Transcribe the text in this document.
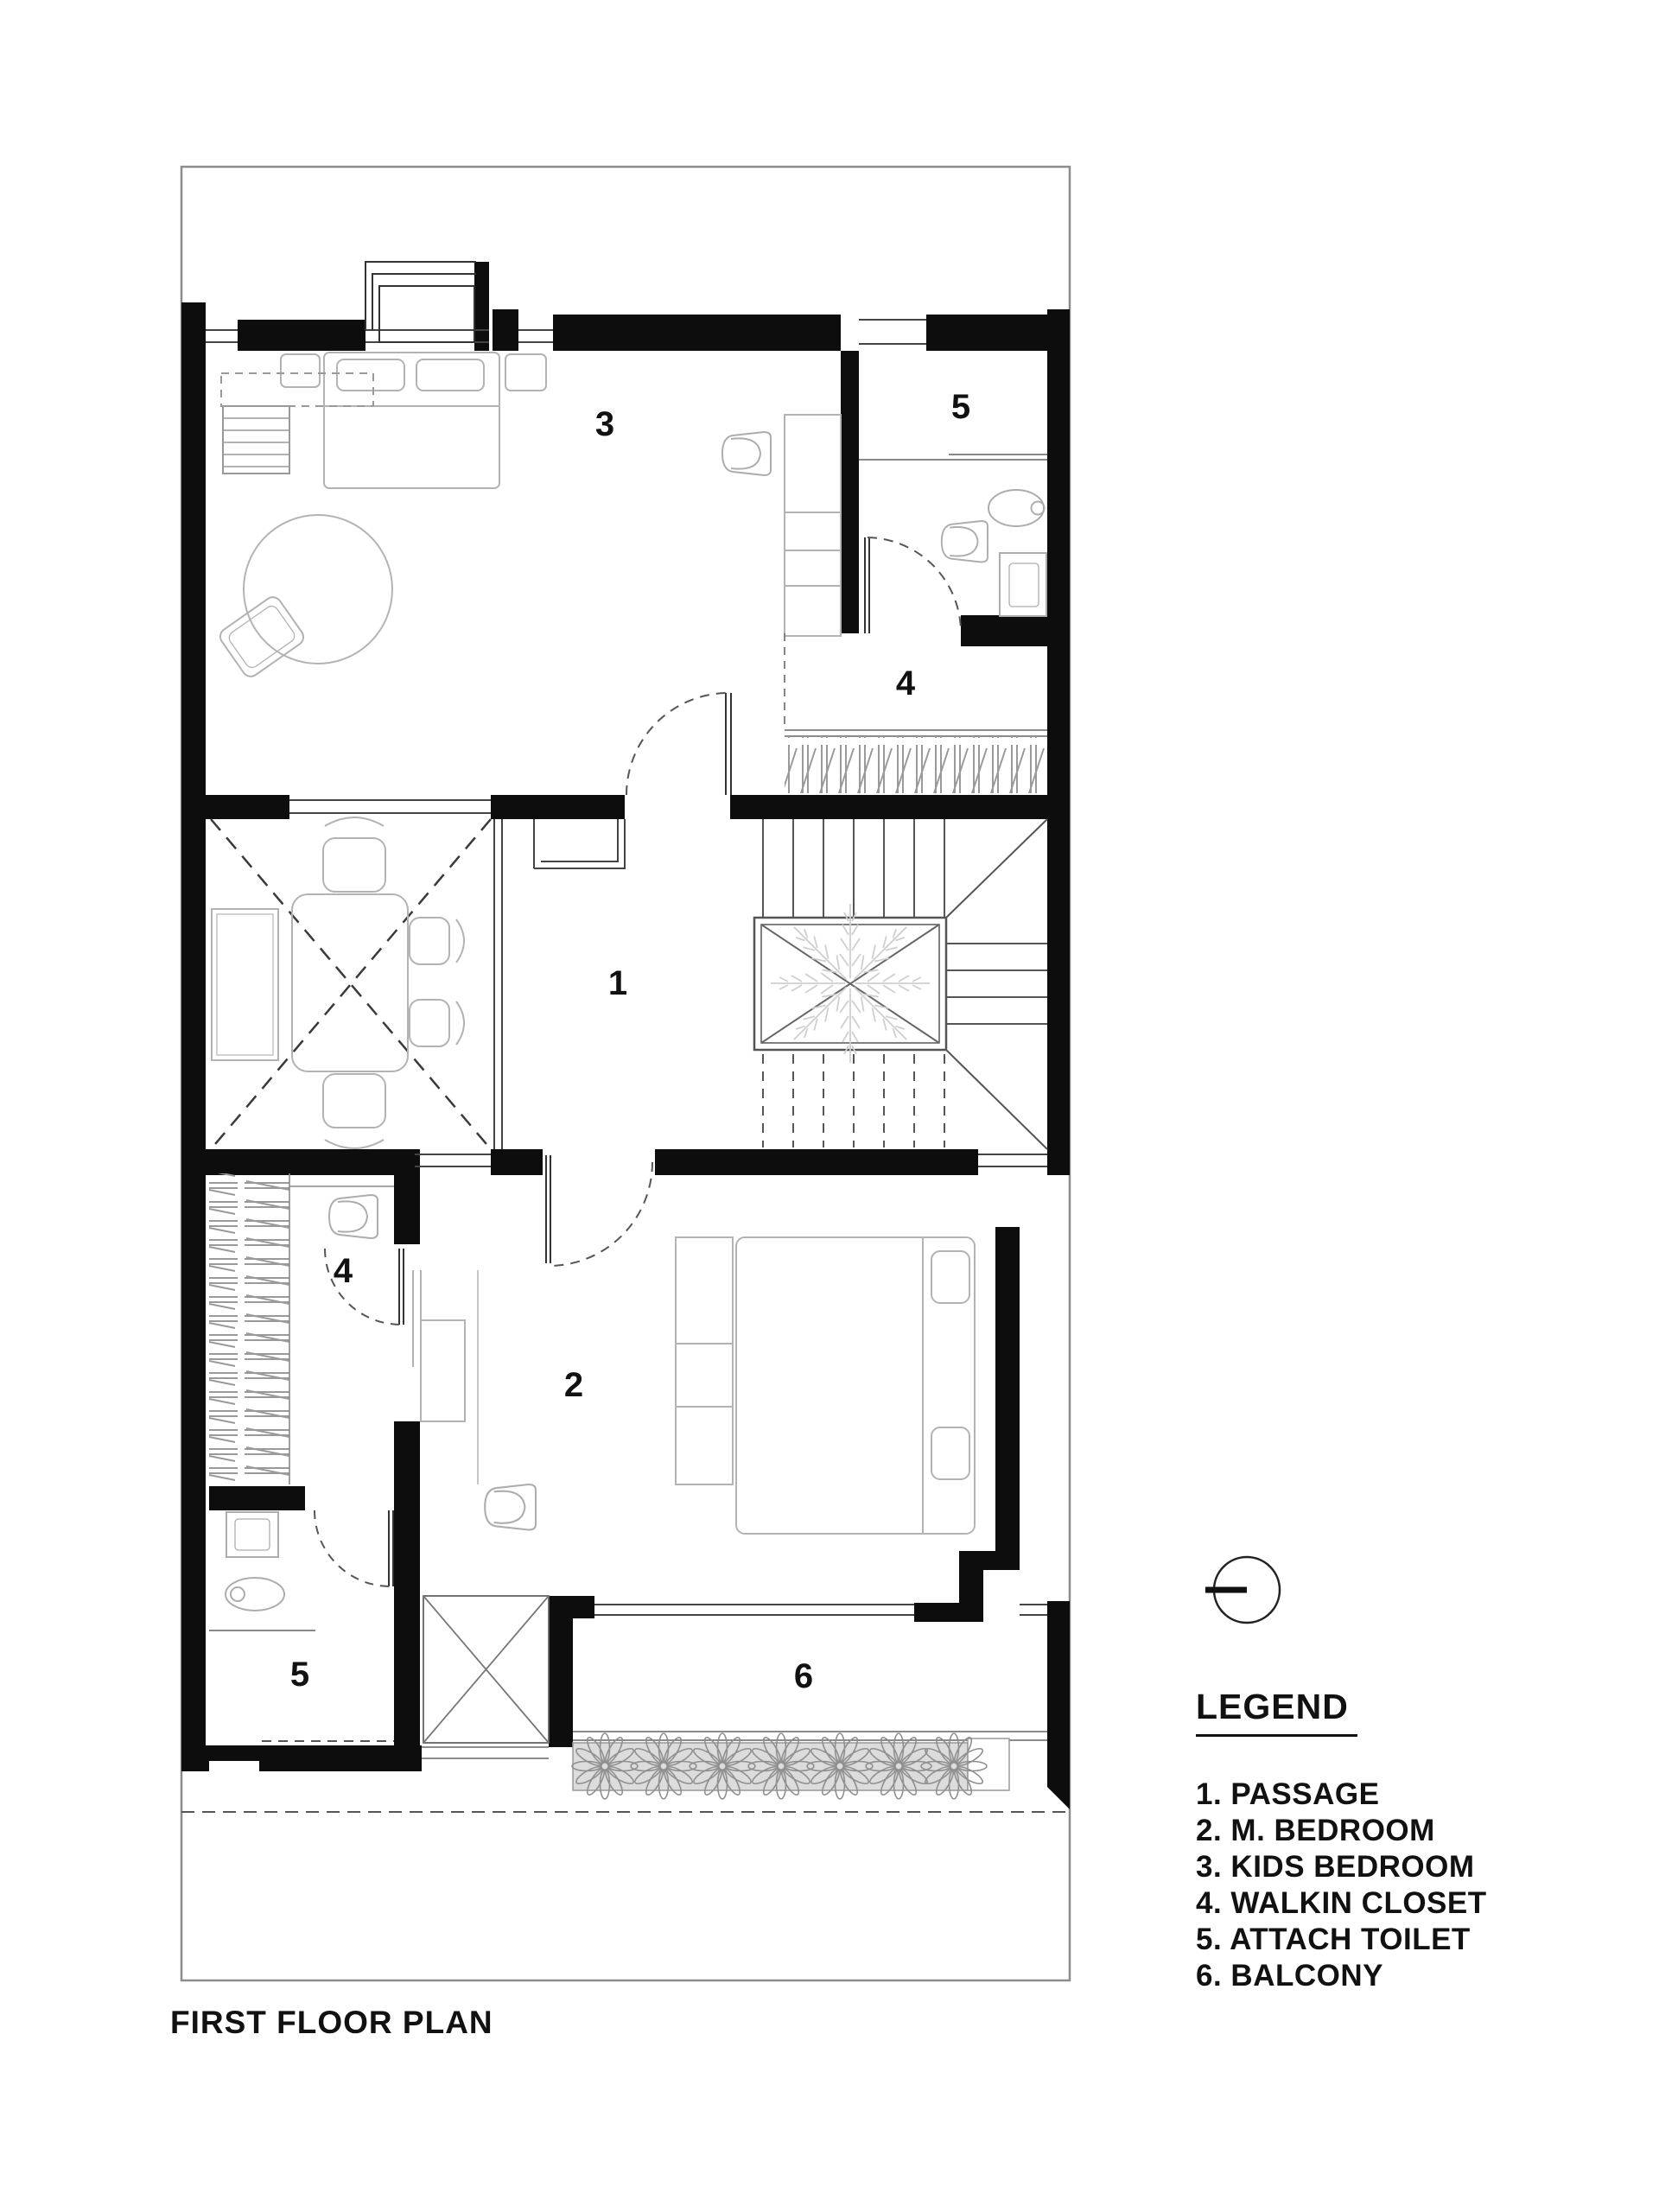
3	5
4
1
2
4
5	6
LEGEND
1. PASSAGE
2. M. BEDROOM
3. KIDS BEDROOM
4. WALKIN CLOSET
5. ATTACH TOILET
6. BALCONY
FIRST FLOOR PLAN
